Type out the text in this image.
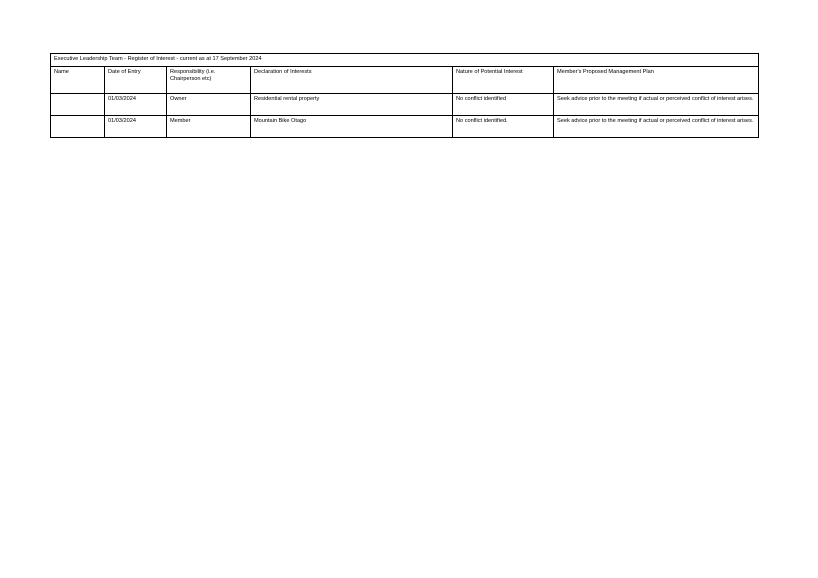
Executive Leadership Team - Register of Interest - current as at 17 September 2024					
Name	Date of Entry	Responsibility (i.e. Chairperson etc)	Declaration of Interests	Nature of Potential Interest	Member's Proposed Management Plan
	01/03/2024	Owner	Residential rental property	No conflict identified	Seek advice prior to the meeting if actual or perceived conflict of interest arises.
	01/03/2024	Member	Mountain Bike Otago	No conflict identified.	Seek advice prior to the meeting if actual or perceived conflict of interest arises.
